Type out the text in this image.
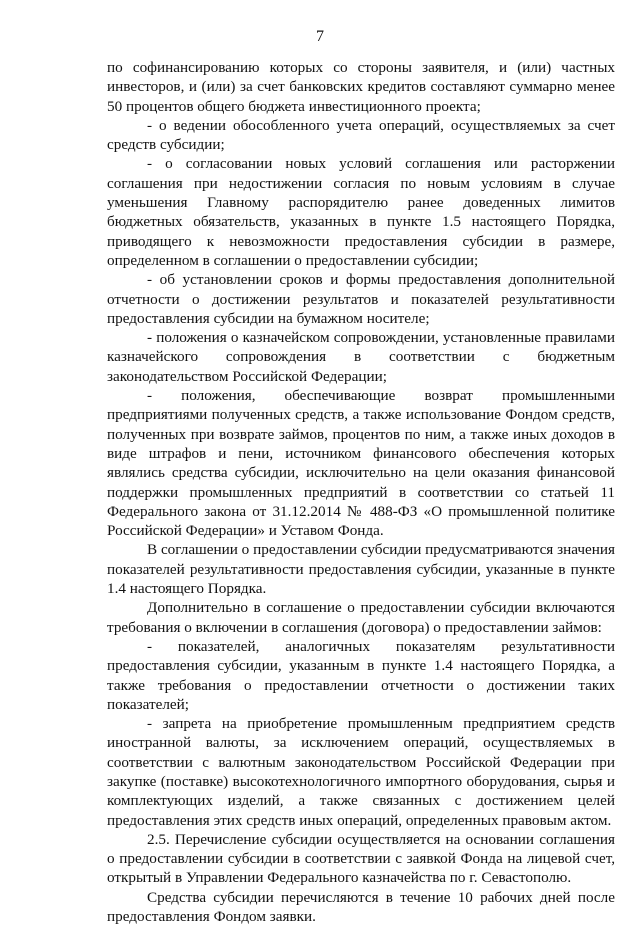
7

по софинансированию которых со стороны заявителя, и (или) частных инвесторов, и (или) за счет банковских кредитов составляют суммарно менее 50 процентов общего бюджета инвестиционного проекта;

- о ведении обособленного учета операций, осуществляемых за счет средств субсидии;

- о согласовании новых условий соглашения или расторжении соглашения при недостижении согласия по новым условиям в случае уменьшения Главному распорядителю ранее доведенных лимитов бюджетных обязательств, указанных в пункте 1.5 настоящего Порядка, приводящего к невозможности предоставления субсидии в размере, определенном в соглашении о предоставлении субсидии;

- об установлении сроков и формы предоставления дополнительной отчетности о достижении результатов и показателей результативности предоставления субсидии на бумажном носителе;

- положения о казначейском сопровождении, установленные правилами казначейского сопровождения в соответствии с бюджетным законодательством Российской Федерации;

- положения, обеспечивающие возврат промышленными предприятиями полученных средств, а также использование Фондом средств, полученных при возврате займов, процентов по ним, а также иных доходов в виде штрафов и пени, источником финансового обеспечения которых являлись средства субсидии, исключительно на цели оказания финансовой поддержки промышленных предприятий в соответствии со статьей 11 Федерального закона от 31.12.2014 № 488-ФЗ «О промышленной политике Российской Федерации» и Уставом Фонда.

В соглашении о предоставлении субсидии предусматриваются значения показателей результативности предоставления субсидии, указанные в пункте 1.4 настоящего Порядка.

Дополнительно в соглашение о предоставлении субсидии включаются требования о включении в соглашения (договора) о предоставлении займов:

- показателей, аналогичных показателям результативности предоставления субсидии, указанным в пункте 1.4 настоящего Порядка, а также требования о предоставлении отчетности о достижении таких показателей;

- запрета на приобретение промышленным предприятием средств иностранной валюты, за исключением операций, осуществляемых в соответствии с валютным законодательством Российской Федерации при закупке (поставке) высокотехнологичного импортного оборудования, сырья и комплектующих изделий, а также связанных с достижением целей предоставления этих средств иных операций, определенных правовым актом.

2.5. Перечисление субсидии осуществляется на основании соглашения о предоставлении субсидии в соответствии с заявкой Фонда на лицевой счет, открытый в Управлении Федерального казначейства по г. Севастополю.

Средства субсидии перечисляются в течение 10 рабочих дней после предоставления Фондом заявки.
